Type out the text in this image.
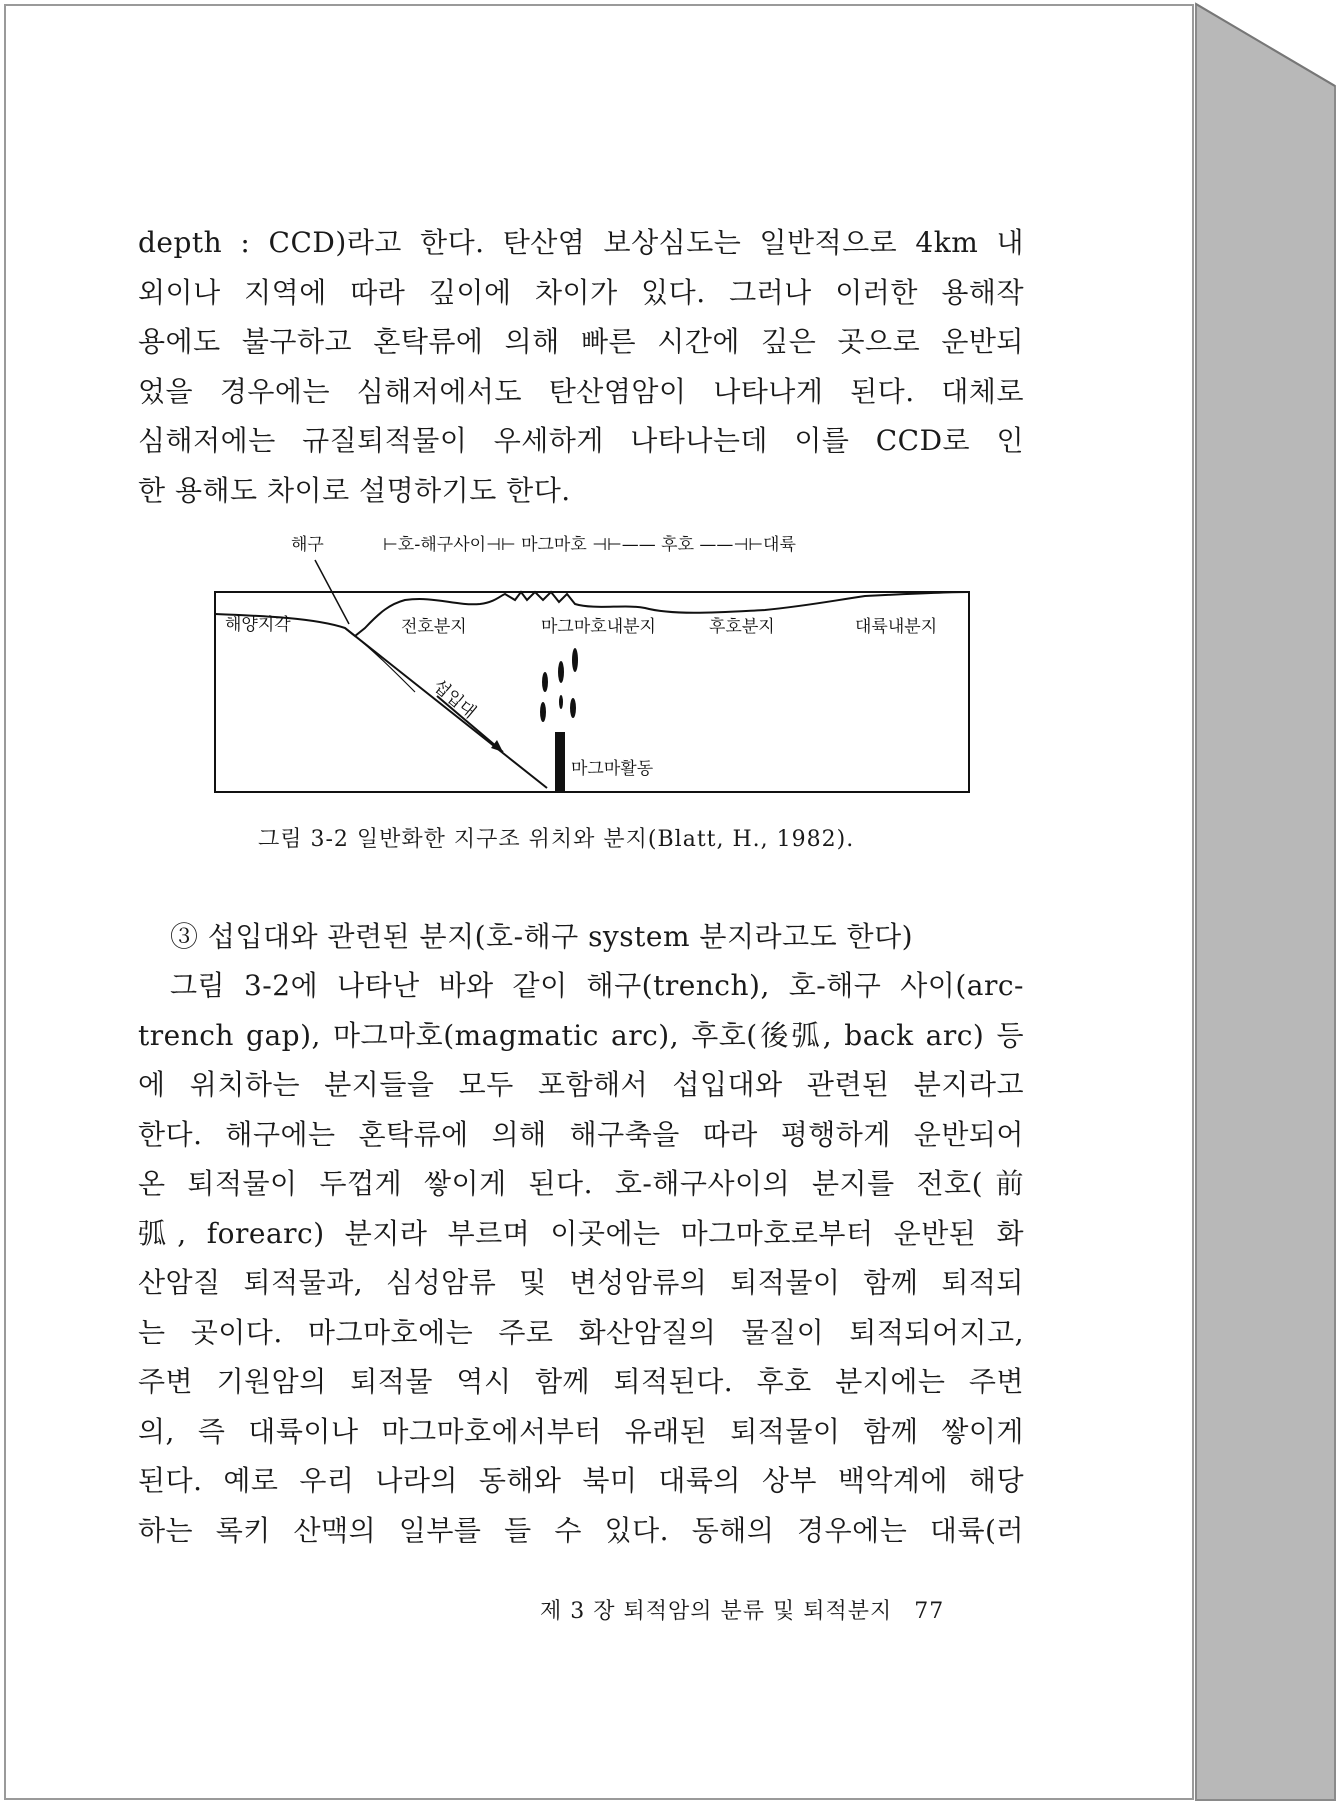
depth : CCD)라고 한다. 탄산염 보상심도는 일반적으로 4km 내
외이나 지역에 따라 깊이에 차이가 있다. 그러나 이러한 용해작
용에도 불구하고 혼탁류에 의해 빠른 시간에 깊은 곳으로 운반되
었을 경우에는 심해저에서도 탄산염암이 나타나게 된다. 대체로
심해저에는 규질퇴적물이 우세하게 나타나는데 이를 CCD로 인
한 용해도 차이로 설명하기도 한다.
해구	⊢호-해구사이⊣⊢ 마그마호 ⊣⊢—— 후호 ——⊣⊢대륙
해양지각	전호분지	마그마호내분지	후호분지	대륙내분지
섭입대
마그마활동
그림 3-2 일반화한 지구조 위치와 분지(Blatt, H., 1982).
③ 섭입대와 관련된 분지(호-해구 system 분지라고도 한다)
그림 3-2에 나타난 바와 같이 해구(trench), 호-해구 사이(arc-
trench gap), 마그마호(magmatic arc), 후호(後弧, back arc) 등
에 위치하는 분지들을 모두 포함해서 섭입대와 관련된 분지라고
한다. 해구에는 혼탁류에 의해 해구축을 따라 평행하게 운반되어
온 퇴적물이 두껍게 쌓이게 된다. 호-해구사이의 분지를 전호(前
弧, forearc) 분지라 부르며 이곳에는 마그마호로부터 운반된 화
산암질 퇴적물과, 심성암류 및 변성암류의 퇴적물이 함께 퇴적되
는 곳이다. 마그마호에는 주로 화산암질의 물질이 퇴적되어지고,
주변 기원암의 퇴적물 역시 함께 퇴적된다. 후호 분지에는 주변
의, 즉 대륙이나 마그마호에서부터 유래된 퇴적물이 함께 쌓이게
된다. 예로 우리 나라의 동해와 북미 대륙의 상부 백악계에 해당
하는 록키 산맥의 일부를 들 수 있다. 동해의 경우에는 대륙(러
제 3 장 퇴적암의 분류 및 퇴적분지 77
